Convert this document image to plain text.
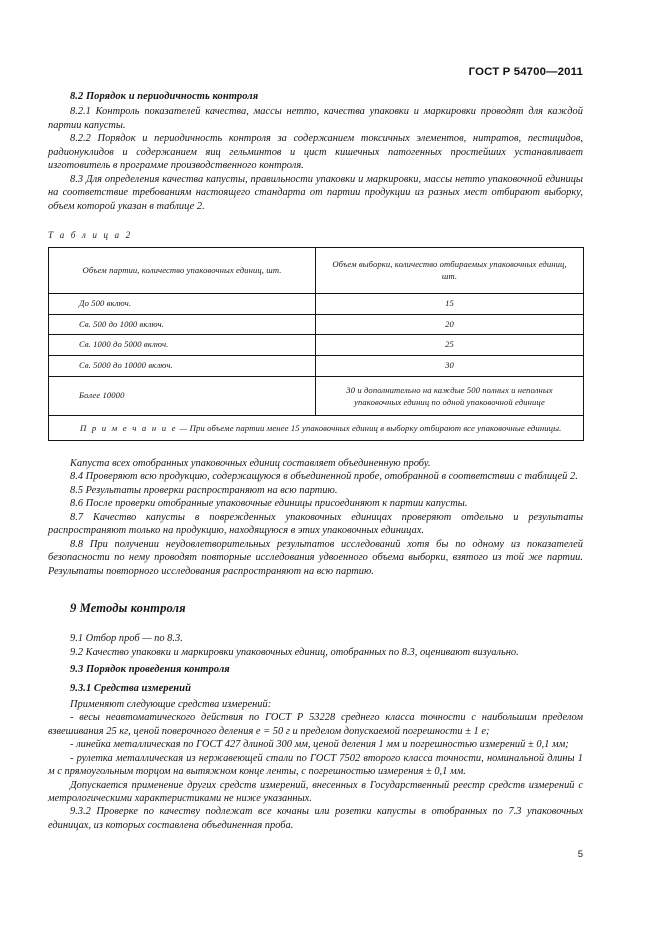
ГОСТ Р 54700—2011
8.2 Порядок и периодичность контроля

8.2.1 Контроль показателей качества, массы нетто, качества упаковки и маркировки проводят для каждой партии капусты.

8.2.2 Порядок и периодичность контроля за содержанием токсичных элементов, нитратов, пестицидов, радионуклидов и содержанием яиц гельминтов и цист кишечных патогенных простейших устанавливает изготовитель в программе производственного контроля.

8.3 Для определения качества капусты, правильности упаковки и маркировки, массы нетто упаковочной единицы на соответствие требованиям настоящего стандарта от партии продукции из разных мест отбирают выборку, объем которой указан в таблице 2.

Т а б л и ц а 2
Объем партии, количество упаковочных единиц, шт.	Объем выборки, количество отбираемых упаковочных единиц, шт.

До 500 включ.	15

Св. 500 до 1000 включ.	20

Св. 1000 до 5000 включ.	25

Св. 5000 до 10000 включ.	30

Более 10000	30 и дополнительно на каждые 500 полных и неполных упаковочных единиц по одной упаковочной единице

П р и м е ч а н и е — При объеме партии менее 15 упаковочных единиц в выборку отбирают все упаковочные единицы.	

Капуста всех отобранных упаковочных единиц составляет объединенную пробу.

8.4 Проверяют всю продукцию, содержащуюся в объединенной пробе, отобранной в соответствии с таблицей 2.

8.5 Результаты проверки распространяют на всю партию.

8.6 После проверки отобранные упаковочные единицы присоединяют к партии капусты.

8.7 Качество капусты в поврежденных упаковочных единицах проверяют отдельно и результаты распространяют только на продукцию, находящуюся в этих упаковочных единицах.

8.8 При получении неудовлетворительных результатов исследований хотя бы по одному из показателей безопасности по нему проводят повторные исследования удвоенного объема выборки, взятого из той же партии. Результаты повторного исследования распространяют на всю партию.

9 Методы контроля

9.1 Отбор проб — по 8.3.

9.2 Качество упаковки и маркировки упаковочных единиц, отобранных по 8.3, оценивают визуально.

9.3 Порядок проведения контроля
9.3.1 Средства измерений

Применяют следующие средства измерений:

- весы неавтоматического действия по ГОСТ Р 53228 среднего класса точности с наибольшим пределом взвешивания 25 кг, ценой поверочного деления е = 50 г и пределом допускаемой погрешности ± 1 е;

- линейка металлическая по ГОСТ 427 длиной 300 мм, ценой деления 1 мм и погрешностью измерений ± 0,1 мм;

- рулетка металлическая из нержавеющей стали по ГОСТ 7502 второго класса точности, номинальной длины 1 м с прямоугольным торцом на вытяжном конце ленты, с погрешностью измерения ± 0,1 мм.

Допускается применение других средств измерений, внесенных в Государственный реестр средств измерений с метрологическими характеристиками не ниже указанных.

9.3.2 Проверке по качеству подлежат все кочаны или розетки капусты в отобранных по 7.3 упаковочных единицах, из которых составлена объединенная проба.

5
